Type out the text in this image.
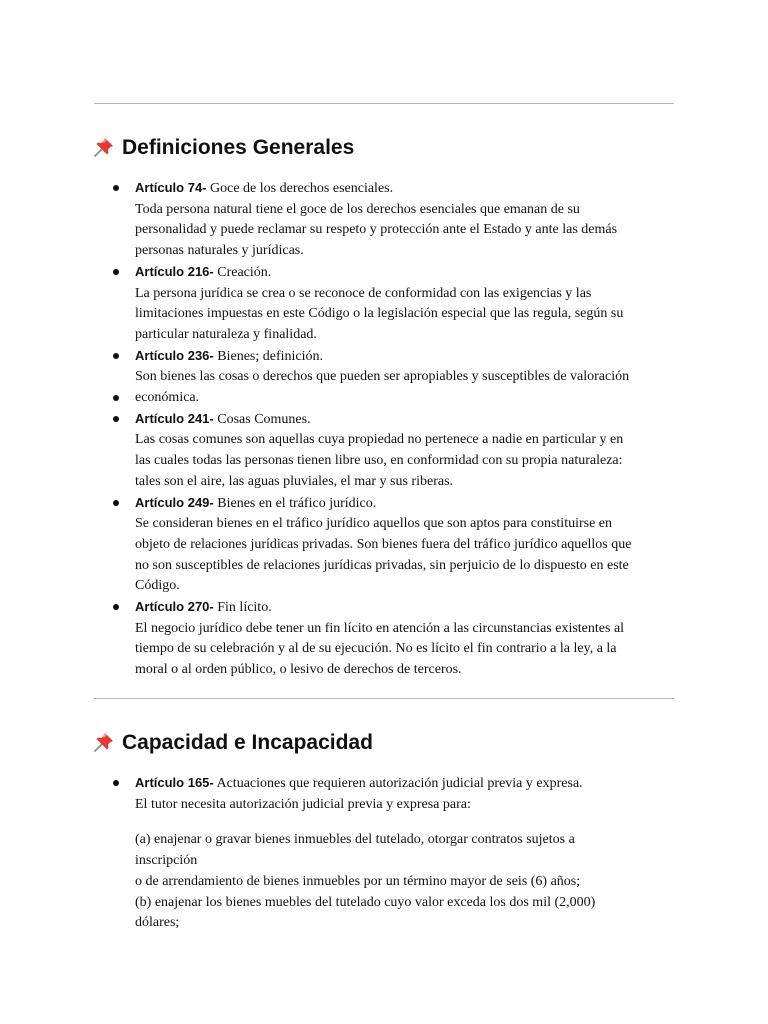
Definiciones Generales
Artículo 74- Goce de los derechos esenciales.
Toda persona natural tiene el goce de los derechos esenciales que emanan de su
personalidad y puede reclamar su respeto y protección ante el Estado y ante las demás
personas naturales y jurídicas.
Artículo 216- Creación.
La persona jurídica se crea o se reconoce de conformidad con las exigencias y las
limitaciones impuestas en este Código o la legislación especial que las regula, según su
particular naturaleza y finalidad.
Artículo 236- Bienes; definición.
Son bienes las cosas o derechos que pueden ser apropiables y susceptibles de valoración
económica.
Artículo 241- Cosas Comunes.
Las cosas comunes son aquellas cuya propiedad no pertenece a nadie en particular y en
las cuales todas las personas tienen libre uso, en conformidad con su propia naturaleza:
tales son el aire, las aguas pluviales, el mar y sus riberas.
Artículo 249- Bienes en el tráfico jurídico.
Se consideran bienes en el tráfico jurídico aquellos que son aptos para constituirse en
objeto de relaciones jurídicas privadas. Son bienes fuera del tráfico jurídico aquellos que
no son susceptibles de relaciones jurídicas privadas, sin perjuicio de lo dispuesto en este
Código.
Artículo 270- Fin lícito.
El negocio jurídico debe tener un fin lícito en atención a las circunstancias existentes al
tiempo de su celebración y al de su ejecución. No es lícito el fin contrario a la ley, a la
moral o al orden público, o lesivo de derechos de terceros.
Capacidad e Incapacidad
Artículo 165- Actuaciones que requieren autorización judicial previa y expresa.
El tutor necesita autorización judicial previa y expresa para:
(a) enajenar o gravar bienes inmuebles del tutelado, otorgar contratos sujetos a
inscripción
o de arrendamiento de bienes inmuebles por un término mayor de seis (6) años;
(b) enajenar los bienes muebles del tutelado cuyo valor exceda los dos mil (2,000)
dólares;
